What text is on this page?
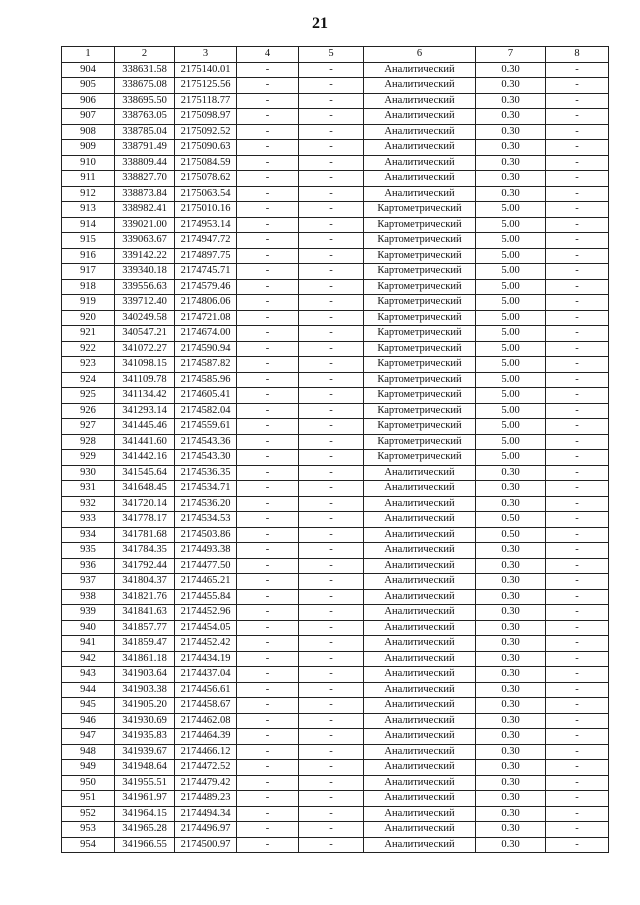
21
1	2	3	4	5	6	7	8
904	338631.58	2175140.01	-	-	Аналитический	0.30	-
905	338675.08	2175125.56	-	-	Аналитический	0.30	-
906	338695.50	2175118.77	-	-	Аналитический	0.30	-
907	338763.05	2175098.97	-	-	Аналитический	0.30	-
908	338785.04	2175092.52	-	-	Аналитический	0.30	-
909	338791.49	2175090.63	-	-	Аналитический	0.30	-
910	338809.44	2175084.59	-	-	Аналитический	0.30	-
911	338827.70	2175078.62	-	-	Аналитический	0.30	-
912	338873.84	2175063.54	-	-	Аналитический	0.30	-
913	338982.41	2175010.16	-	-	Картометрический	5.00	-
914	339021.00	2174953.14	-	-	Картометрический	5.00	-
915	339063.67	2174947.72	-	-	Картометрический	5.00	-
916	339142.22	2174897.75	-	-	Картометрический	5.00	-
917	339340.18	2174745.71	-	-	Картометрический	5.00	-
918	339556.63	2174579.46	-	-	Картометрический	5.00	-
919	339712.40	2174806.06	-	-	Картометрический	5.00	-
920	340249.58	2174721.08	-	-	Картометрический	5.00	-
921	340547.21	2174674.00	-	-	Картометрический	5.00	-
922	341072.27	2174590.94	-	-	Картометрический	5.00	-
923	341098.15	2174587.82	-	-	Картометрический	5.00	-
924	341109.78	2174585.96	-	-	Картометрический	5.00	-
925	341134.42	2174605.41	-	-	Картометрический	5.00	-
926	341293.14	2174582.04	-	-	Картометрический	5.00	-
927	341445.46	2174559.61	-	-	Картометрический	5.00	-
928	341441.60	2174543.36	-	-	Картометрический	5.00	-
929	341442.16	2174543.30	-	-	Картометрический	5.00	-
930	341545.64	2174536.35	-	-	Аналитический	0.30	-
931	341648.45	2174534.71	-	-	Аналитический	0.30	-
932	341720.14	2174536.20	-	-	Аналитический	0.30	-
933	341778.17	2174534.53	-	-	Аналитический	0.50	-
934	341781.68	2174503.86	-	-	Аналитический	0.50	-
935	341784.35	2174493.38	-	-	Аналитический	0.30	-
936	341792.44	2174477.50	-	-	Аналитический	0.30	-
937	341804.37	2174465.21	-	-	Аналитический	0.30	-
938	341821.76	2174455.84	-	-	Аналитический	0.30	-
939	341841.63	2174452.96	-	-	Аналитический	0.30	-
940	341857.77	2174454.05	-	-	Аналитический	0.30	-
941	341859.47	2174452.42	-	-	Аналитический	0.30	-
942	341861.18	2174434.19	-	-	Аналитический	0.30	-
943	341903.64	2174437.04	-	-	Аналитический	0.30	-
944	341903.38	2174456.61	-	-	Аналитический	0.30	-
945	341905.20	2174458.67	-	-	Аналитический	0.30	-
946	341930.69	2174462.08	-	-	Аналитический	0.30	-
947	341935.83	2174464.39	-	-	Аналитический	0.30	-
948	341939.67	2174466.12	-	-	Аналитический	0.30	-
949	341948.64	2174472.52	-	-	Аналитический	0.30	-
950	341955.51	2174479.42	-	-	Аналитический	0.30	-
951	341961.97	2174489.23	-	-	Аналитический	0.30	-
952	341964.15	2174494.34	-	-	Аналитический	0.30	-
953	341965.28	2174496.97	-	-	Аналитический	0.30	-
954	341966.55	2174500.97	-	-	Аналитический	0.30	-
